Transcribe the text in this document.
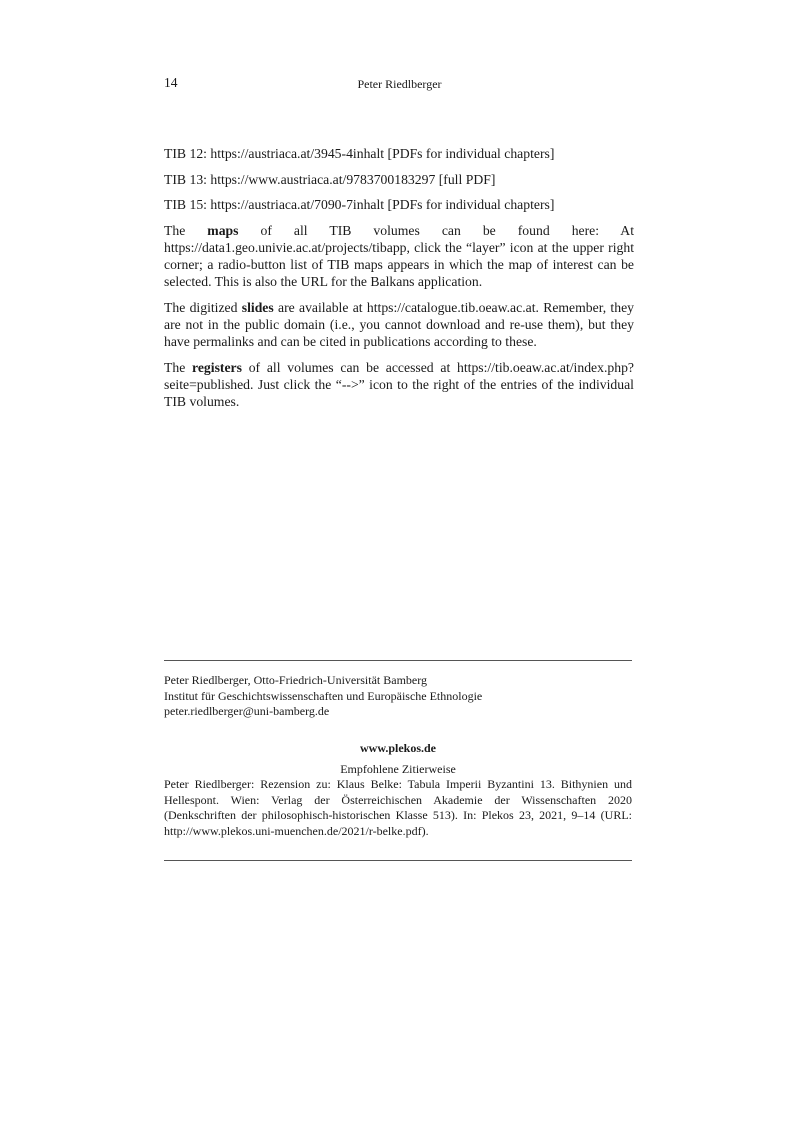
14	Peter Riedlberger

TIB 12: https://austriaca.at/3945-4inhalt [PDFs for individual chapters]

TIB 13: https://www.austriaca.at/9783700183297 [full PDF]

TIB 15: https://austriaca.at/7090-7inhalt [PDFs for individual chapters]

The maps of all TIB volumes can be found here: At https://data1.geo.univie.ac.at/projects/tibapp, click the “layer” icon at the upper right corner; a radio-button list of TIB maps appears in which the map of interest can be selected. This is also the URL for the Balkans application.

The digitized slides are available at https://catalogue.tib.oeaw.ac.at. Remember, they are not in the public domain (i.e., you cannot download and re-use them), but they have permalinks and can be cited in publications according to these.

The registers of all volumes can be accessed at https://tib.oeaw.ac.at/index.php?seite=published. Just click the “-->” icon to the right of the entries of the individual TIB volumes.

Peter Riedlberger, Otto-Friedrich-Universität Bamberg
Institut für Geschichtswissenschaften und Europäische Ethnologie
peter.riedlberger@uni-bamberg.de
www.plekos.de
Empfohlene Zitierweise
Peter Riedlberger: Rezension zu: Klaus Belke: Tabula Imperii Byzantini 13. Bithynien und Hellespont. Wien: Verlag der Österreichischen Akademie der Wissenschaften 2020 (Denkschriften der philosophisch-historischen Klasse 513). In: Plekos 23, 2021, 9–14 (URL: http://www.plekos.uni-muenchen.de/2021/r-belke.pdf).
